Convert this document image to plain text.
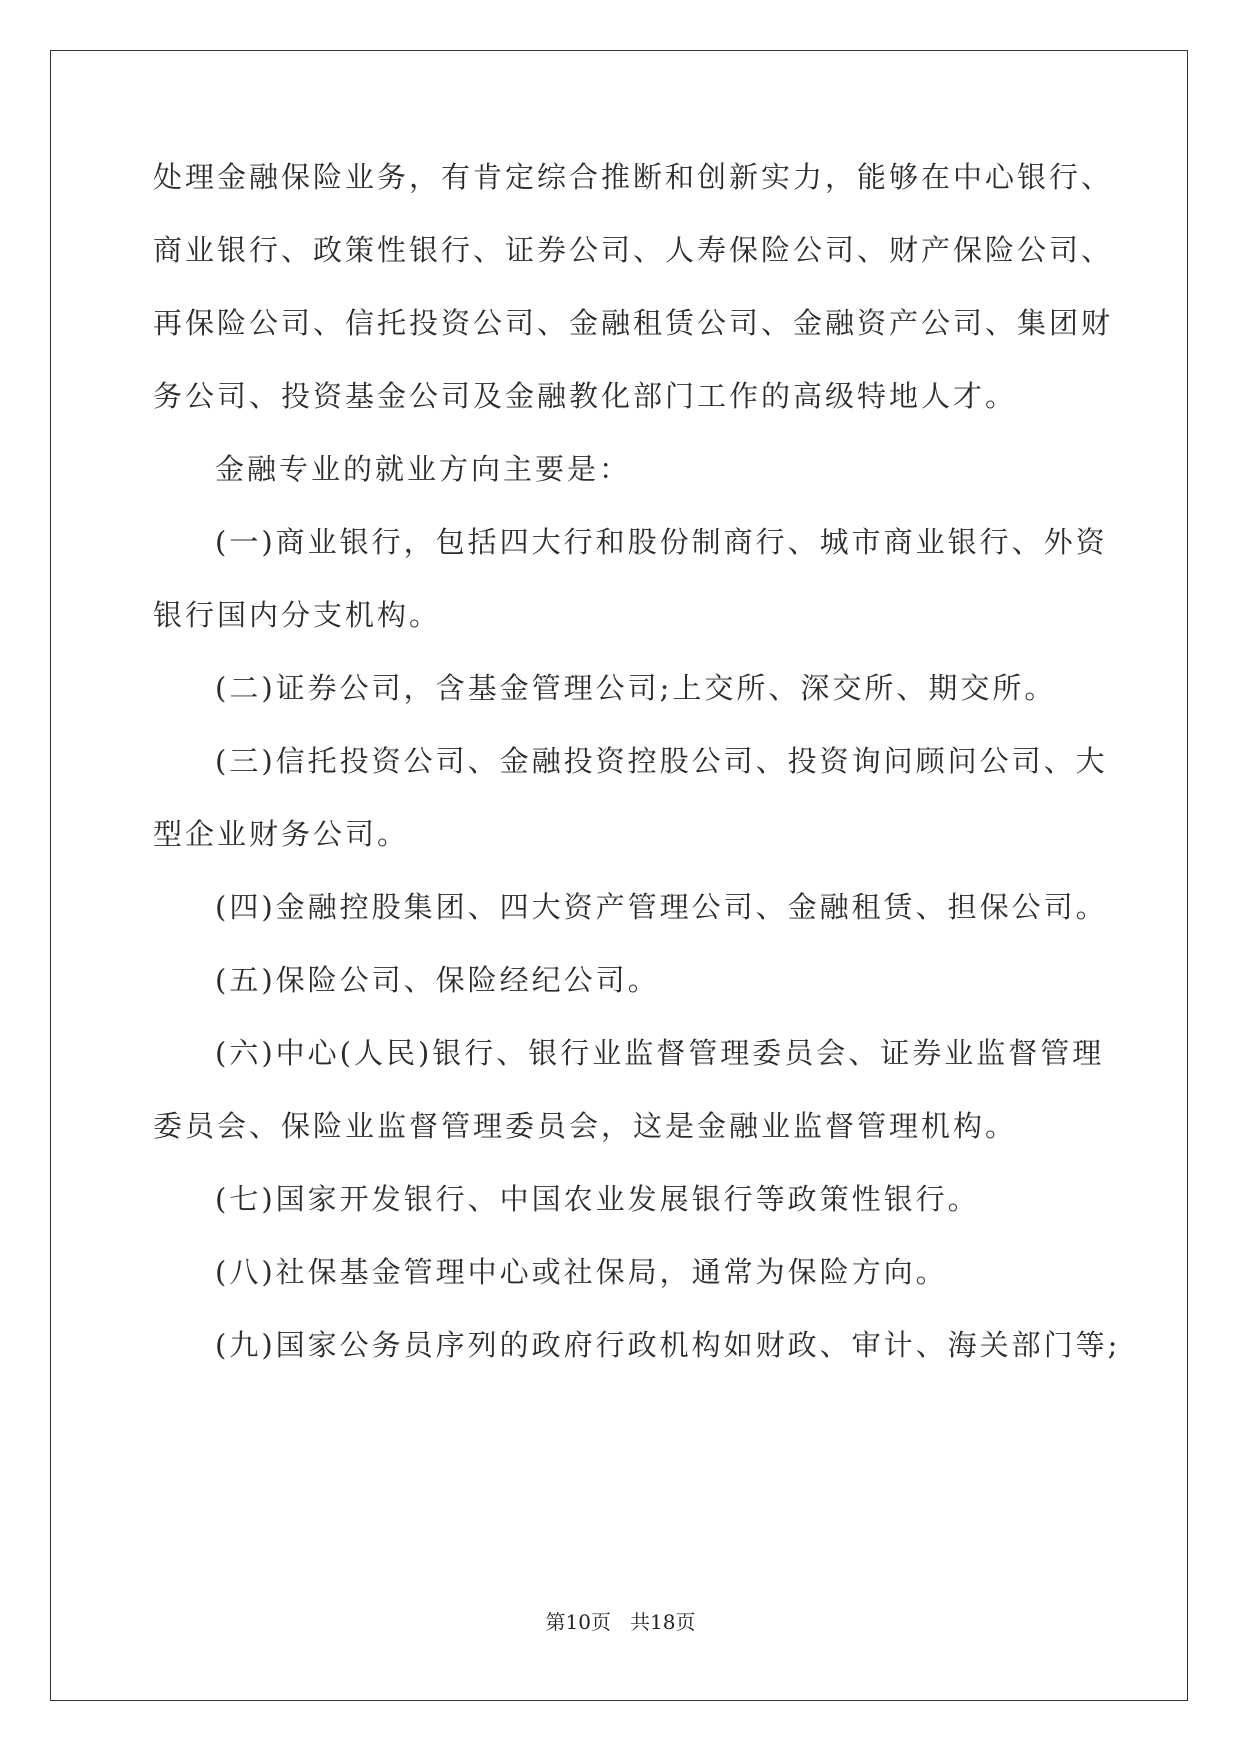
处理金融保险业务，有肯定综合推断和创新实力，能够在中心银行、
商业银行、政策性银行、证券公司、人寿保险公司、财产保险公司、
再保险公司、信托投资公司、金融租赁公司、金融资产公司、集团财
务公司、投资基金公司及金融教化部门工作的高级特地人才。
金融专业的就业方向主要是：
(一)商业银行，包括四大行和股份制商行、城市商业银行、外资
银行国内分支机构。
(二)证券公司，含基金管理公司;上交所、深交所、期交所。
(三)信托投资公司、金融投资控股公司、投资询问顾问公司、大
型企业财务公司。
(四)金融控股集团、四大资产管理公司、金融租赁、担保公司。
(五)保险公司、保险经纪公司。
(六)中心(人民)银行、银行业监督管理委员会、证券业监督管理
委员会、保险业监督管理委员会，这是金融业监督管理机构。
(七)国家开发银行、中国农业发展银行等政策性银行。
(八)社保基金管理中心或社保局，通常为保险方向。
(九)国家公务员序列的政府行政机构如财政、审计、海关部门等;
第10页   共18页
